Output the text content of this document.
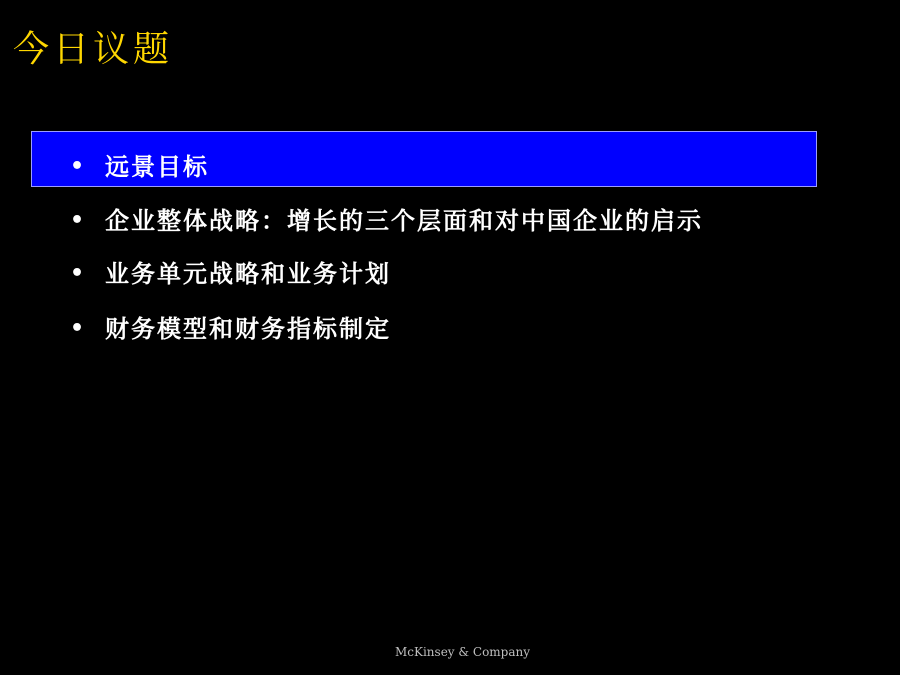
今日议题
• 远景目标
• 企业整体战略：增长的三个层面和对中国企业的启示
• 业务单元战略和业务计划
• 财务模型和财务指标制定
McKinsey & Company
